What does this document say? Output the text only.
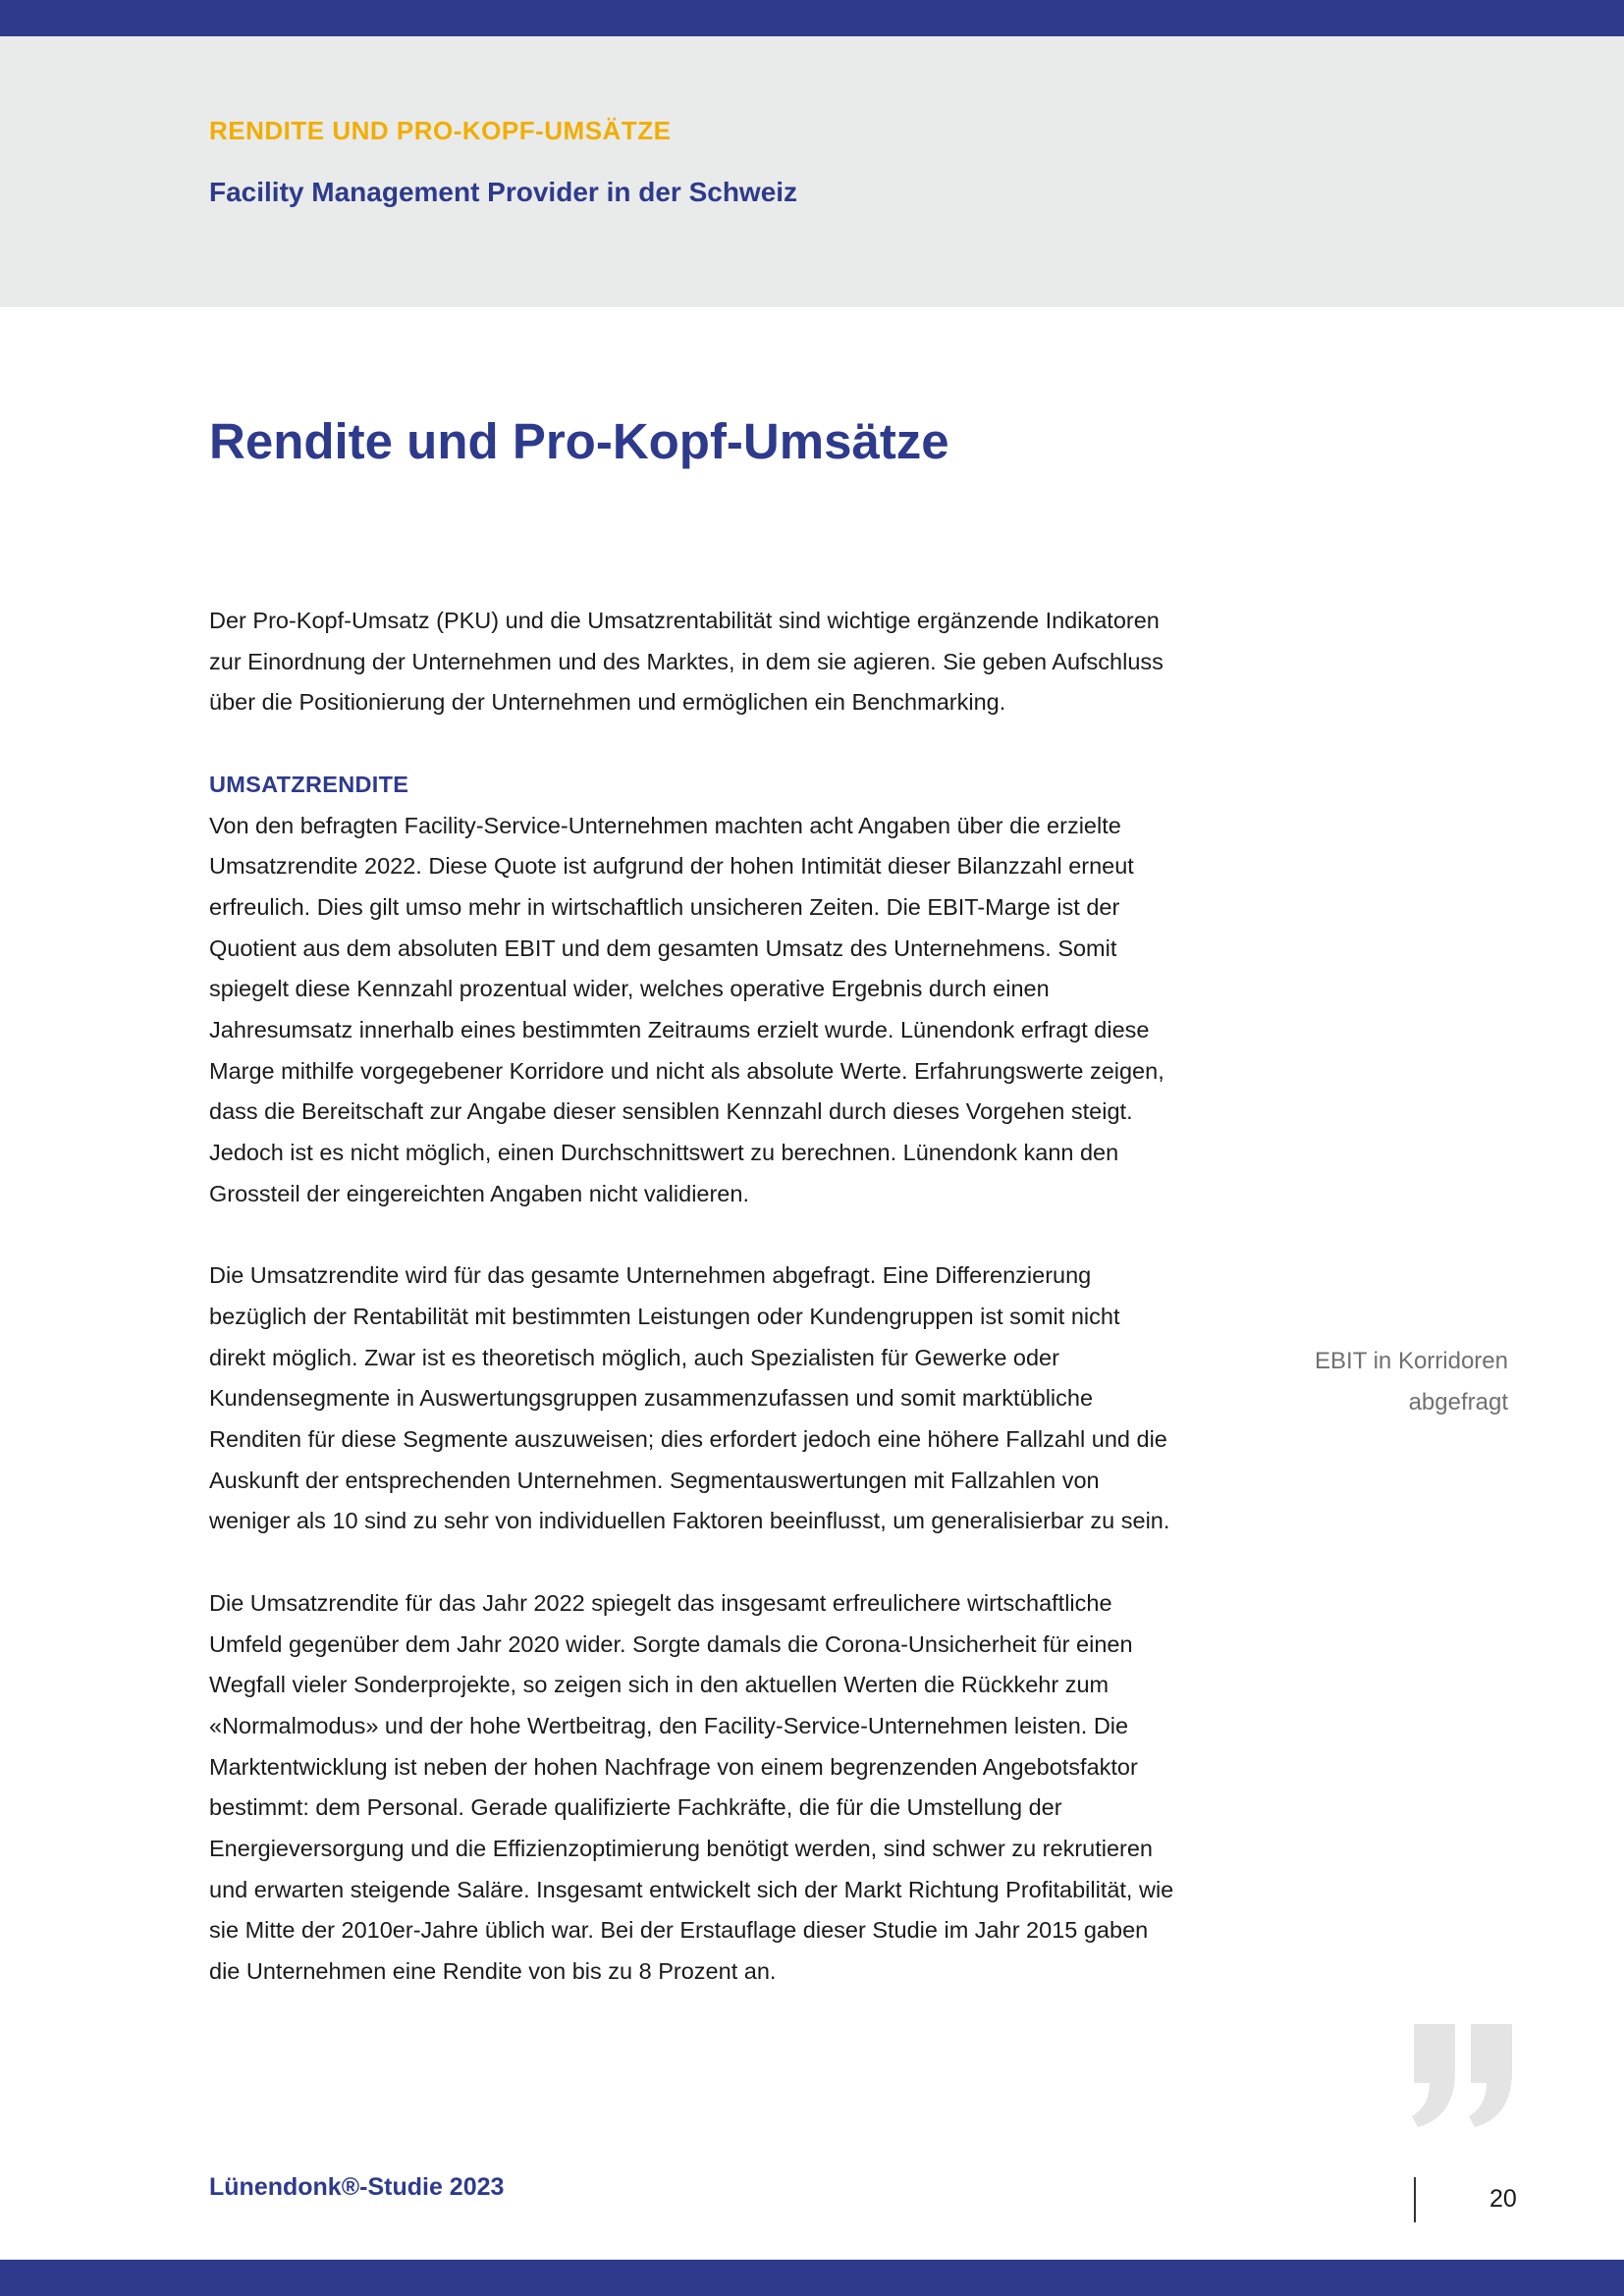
RENDITE UND PRO-KOPF-UMSÄTZE
Facility Management Provider in der Schweiz
Rendite und Pro-Kopf-Umsätze

Der Pro-Kopf-Umsatz (PKU) und die Umsatzrentabilität sind wichtige ergänzende Indikatoren zur Einordnung der Unternehmen und des Marktes, in dem sie agieren. Sie geben Aufschluss über die Positionierung der Unternehmen und ermöglichen ein Benchmarking.

UMSATZRENDITE

Von den befragten Facility-Service-Unternehmen machten acht Angaben über die erzielte Umsatzrendite 2022. Diese Quote ist aufgrund der hohen Intimität dieser Bilanzzahl erneut erfreulich. Dies gilt umso mehr in wirtschaftlich unsicheren Zeiten. Die EBIT-Marge ist der Quotient aus dem absoluten EBIT und dem gesamten Umsatz des Unternehmens. Somit spiegelt diese Kennzahl prozentual wider, welches operative Ergebnis durch einen Jahresumsatz innerhalb eines bestimmten Zeitraums erzielt wurde. Lünendonk erfragt diese Marge mithilfe vorgegebener Korridore und nicht als absolute Werte. Erfahrungswerte zeigen, dass die Bereitschaft zur Angabe dieser sensiblen Kennzahl durch dieses Vorgehen steigt. Jedoch ist es nicht möglich, einen Durchschnittswert zu berechnen. Lünendonk kann den Grossteil der eingereichten Angaben nicht validieren.

Die Umsatzrendite wird für das gesamte Unternehmen abgefragt. Eine Differenzierung bezüglich der Rentabilität mit bestimmten Leistungen oder Kundengruppen ist somit nicht direkt möglich. Zwar ist es theoretisch möglich, auch Spezialisten für Gewerke oder Kundensegmente in Auswertungsgruppen zusammenzufassen und somit marktübliche Renditen für diese Segmente auszuweisen; dies erfordert jedoch eine höhere Fallzahl und die Auskunft der entsprechenden Unternehmen. Segmentauswertungen mit Fallzahlen von weniger als 10 sind zu sehr von individuellen Faktoren beeinflusst, um generalisierbar zu sein.

Die Umsatzrendite für das Jahr 2022 spiegelt das insgesamt erfreulichere wirtschaftliche Umfeld gegenüber dem Jahr 2020 wider. Sorgte damals die Corona-Unsicherheit für einen Wegfall vieler Sonderprojekte, so zeigen sich in den aktuellen Werten die Rückkehr zum «Normalmodus» und der hohe Wertbeitrag, den Facility-Service-Unternehmen leisten. Die Marktentwicklung ist neben der hohen Nachfrage von einem begrenzenden Angebotsfaktor bestimmt: dem Personal. Gerade qualifizierte Fachkräfte, die für die Umstellung der Energieversorgung und die Effizienzoptimierung benötigt werden, sind schwer zu rekrutieren und erwarten steigende Saläre. Insgesamt entwickelt sich der Markt Richtung Profitabilität, wie sie Mitte der 2010er-Jahre üblich war. Bei der Erstauflage dieser Studie im Jahr 2015 gaben die Unternehmen eine Rendite von bis zu 8 Prozent an.

EBIT in Korridoren
abgefragt
Lünendonk®-Studie 2023	20
